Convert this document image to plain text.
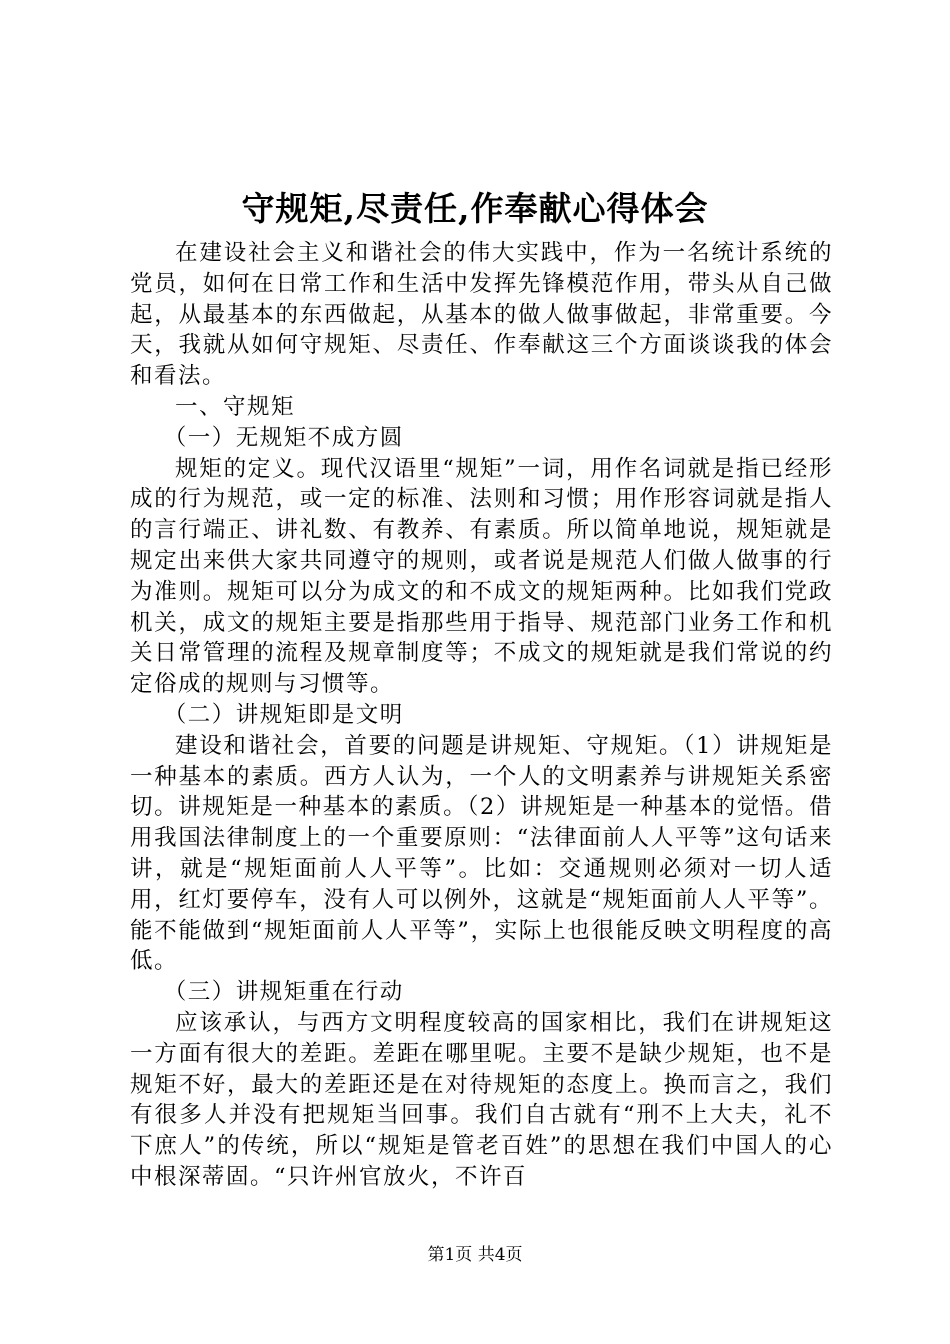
守规矩,尽责任,作奉献心得体会

在建设社会主义和谐社会的伟大实践中，作为一名统计系统的党员，如何在日常工作和生活中发挥先锋模范作用，带头从自己做起，从最基本的东西做起，从基本的做人做事做起，非常重要。今天，我就从如何守规矩、尽责任、作奉献这三个方面谈谈我的体会和看法。

一、守规矩

（一）无规矩不成方圆

规矩的定义。现代汉语里“规矩”一词，用作名词就是指已经形成的行为规范，或一定的标准、法则和习惯；用作形容词就是指人的言行端正、讲礼数、有教养、有素质。所以简单地说，规矩就是规定出来供大家共同遵守的规则，或者说是规范人们做人做事的行为准则。规矩可以分为成文的和不成文的规矩两种。比如我们党政机关，成文的规矩主要是指那些用于指导、规范部门业务工作和机关日常管理的流程及规章制度等；不成文的规矩就是我们常说的约定俗成的规则与习惯等。

（二）讲规矩即是文明

建设和谐社会，首要的问题是讲规矩、守规矩。（1）讲规矩是一种基本的素质。西方人认为，一个人的文明素养与讲规矩关系密切。讲规矩是一种基本的素质。（2）讲规矩是一种基本的觉悟。借用我国法律制度上的一个重要原则：“法律面前人人平等”这句话来讲，就是“规矩面前人人平等”。比如：交通规则必须对一切人适用，红灯要停车，没有人可以例外，这就是“规矩面前人人平等”。能不能做到“规矩面前人人平等”，实际上也很能反映文明程度的高低。

（三）讲规矩重在行动

应该承认，与西方文明程度较高的国家相比，我们在讲规矩这一方面有很大的差距。差距在哪里呢。主要不是缺少规矩，也不是规矩不好，最大的差距还是在对待规矩的态度上。换而言之，我们有很多人并没有把规矩当回事。我们自古就有“刑不上大夫，礼不下庶人”的传统，所以“规矩是管老百姓”的思想在我们中国人的心中根深蒂固。“只许州官放火，不许百

第1页 共4页
